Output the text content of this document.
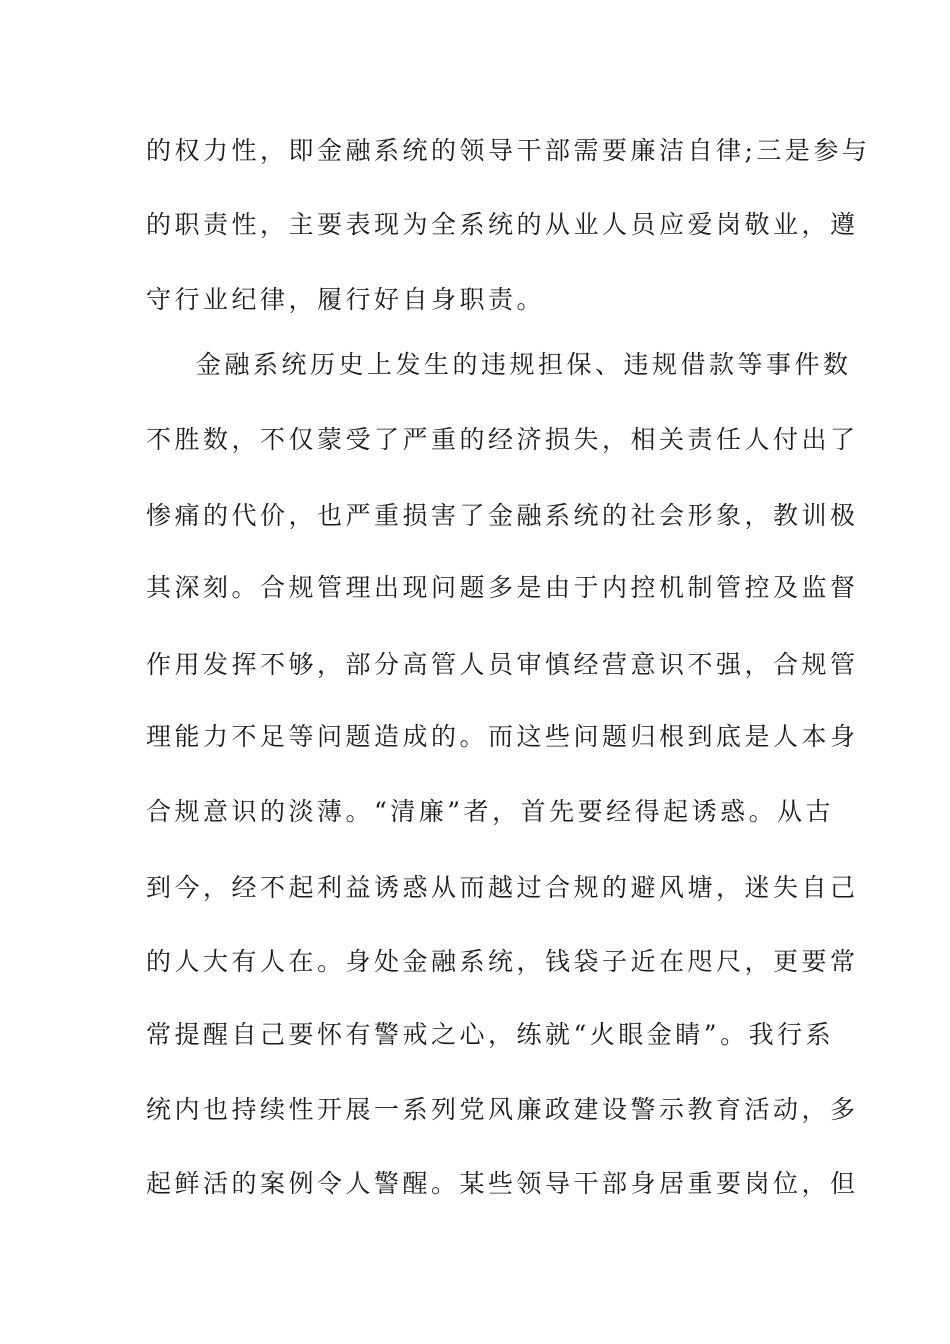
的权力性，即金融系统的领导干部需要廉洁自律;三是参与
的职责性，主要表现为全系统的从业人员应爱岗敬业，遵
守行业纪律，履行好自身职责。
金融系统历史上发生的违规担保、违规借款等事件数
不胜数，不仅蒙受了严重的经济损失，相关责任人付出了
惨痛的代价，也严重损害了金融系统的社会形象，教训极
其深刻。合规管理出现问题多是由于内控机制管控及监督
作用发挥不够，部分高管人员审慎经营意识不强，合规管
理能力不足等问题造成的。而这些问题归根到底是人本身
合规意识的淡薄。“清廉”者，首先要经得起诱惑。从古
到今，经不起利益诱惑从而越过合规的避风塘，迷失自己
的人大有人在。身处金融系统，钱袋子近在咫尺，更要常
常提醒自己要怀有警戒之心，练就“火眼金睛”。我行系
统内也持续性开展一系列党风廉政建设警示教育活动，多
起鲜活的案例令人警醒。某些领导干部身居重要岗位，但
